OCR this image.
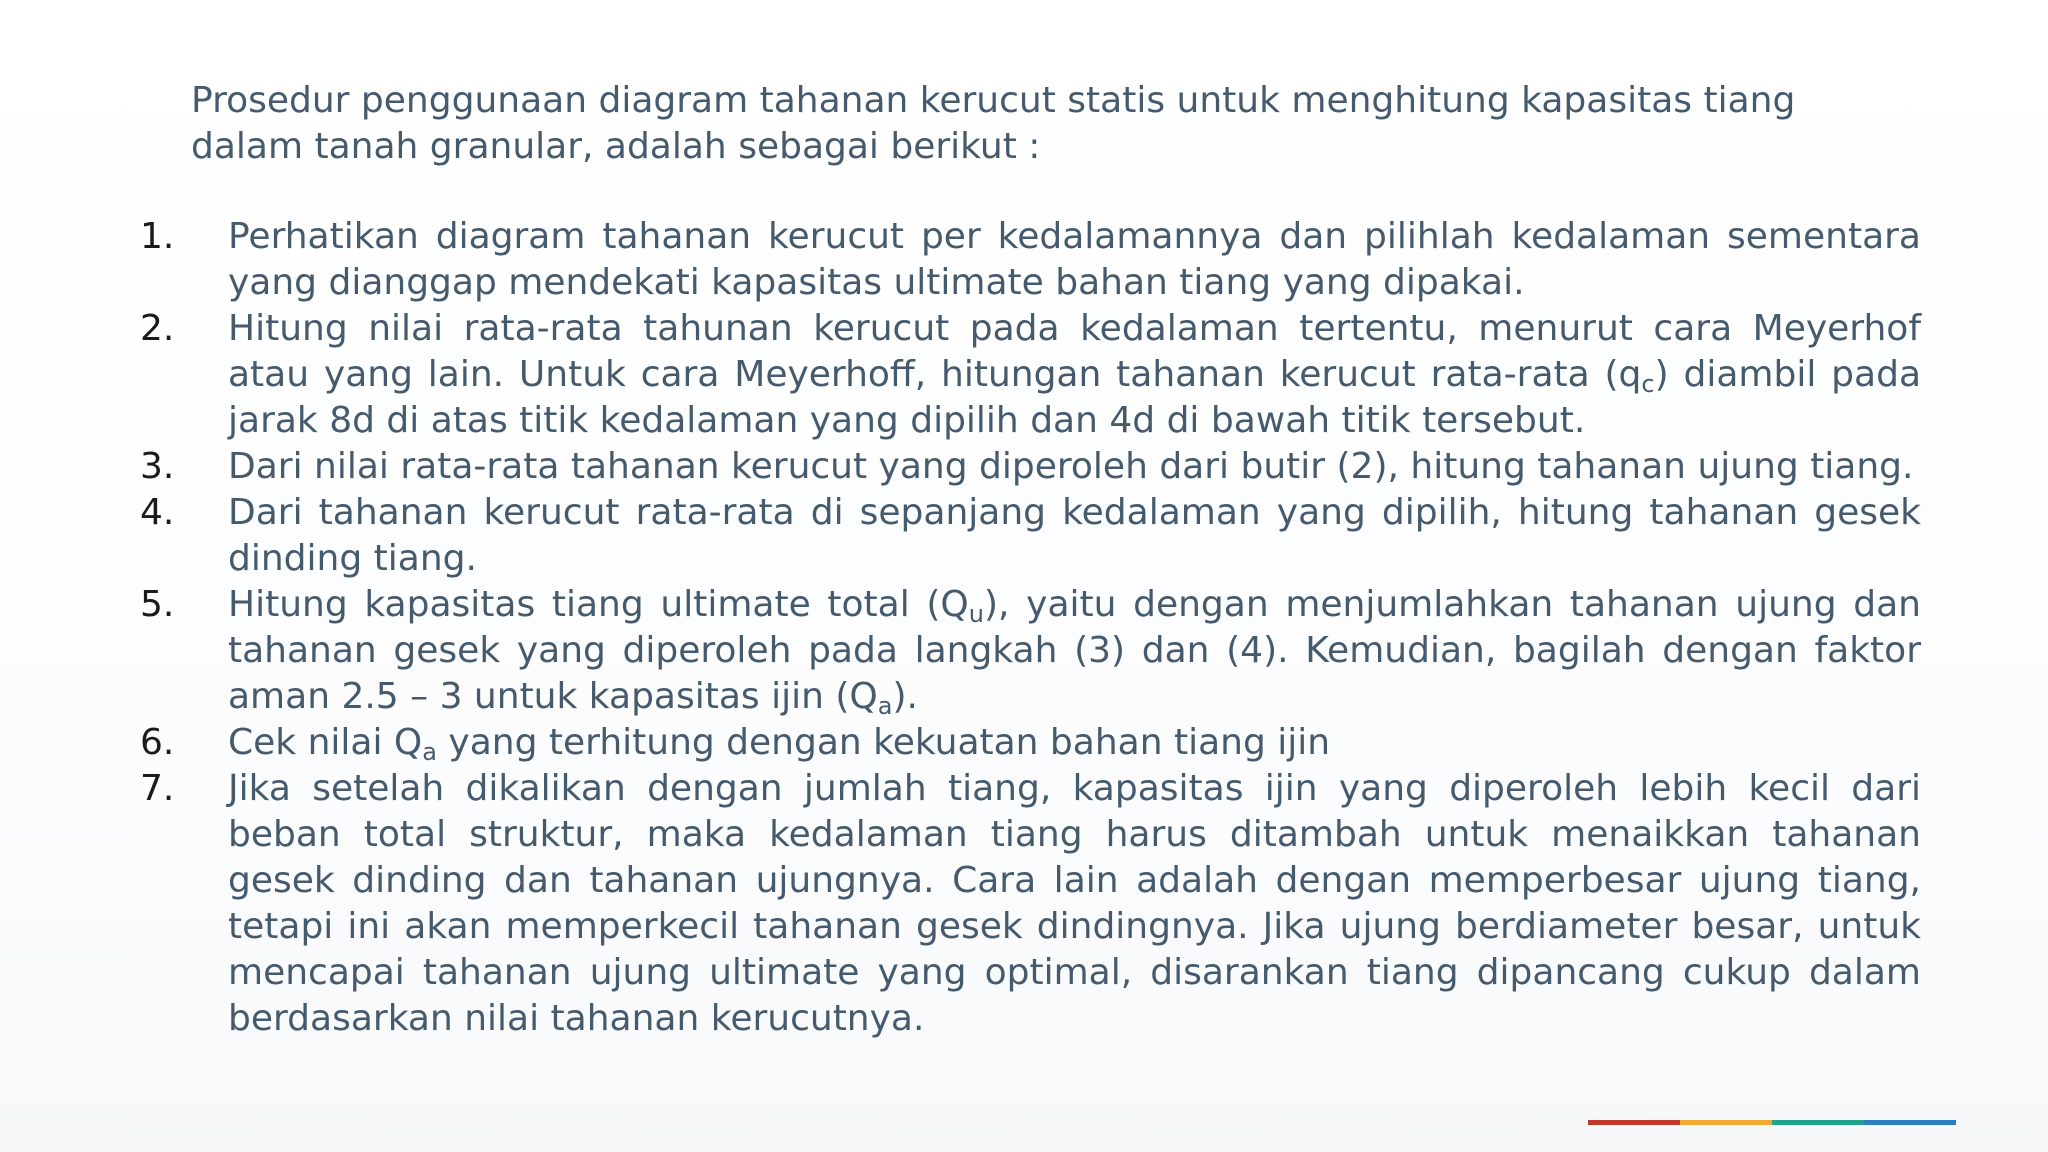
Prosedur penggunaan diagram tahanan kerucut statis untuk menghitung kapasitas tiang dalam tanah granular, adalah sebagai berikut :

1.	Perhatikan diagram tahanan kerucut per kedalamannya dan pilihlah kedalaman sementara yang dianggap mendekati kapasitas ultimate bahan tiang yang dipakai.
2.	Hitung nilai rata-rata tahunan kerucut pada kedalaman tertentu, menurut cara Meyerhof atau yang lain. Untuk cara Meyerhoff, hitungan tahanan kerucut rata-rata $(q_c)$ diambil pada jarak 8d di atas titik kedalaman yang dipilih dan 4d di bawah titik tersebut.
3.	Dari nilai rata-rata tahanan kerucut yang diperoleh dari butir (2), hitung tahanan ujung tiang.
4.	Dari tahanan kerucut rata-rata di sepanjang kedalaman yang dipilih, hitung tahanan gesek dinding tiang.
5.	Hitung kapasitas tiang ultimate total $(Q_u)$, yaitu dengan menjumlahkan tahanan ujung dan tahanan gesek yang diperoleh pada langkah (3) dan (4). Kemudian, bagilah dengan faktor aman 2.5 – 3 untuk kapasitas ijin $(Q_a)$.
6.	Cek nilai $Q_a$ yang terhitung dengan kekuatan bahan tiang ijin
7.	Jika setelah dikalikan dengan jumlah tiang, kapasitas ijin yang diperoleh lebih kecil dari beban total struktur, maka kedalaman tiang harus ditambah untuk menaikkan tahanan gesek dinding dan tahanan ujungnya. Cara lain adalah dengan memperbesar ujung tiang, tetapi ini akan memperkecil tahanan gesek dindingnya. Jika ujung berdiameter besar, untuk mencapai tahanan ujung ultimate yang optimal, disarankan tiang dipancang cukup dalam berdasarkan nilai tahanan kerucutnya.
